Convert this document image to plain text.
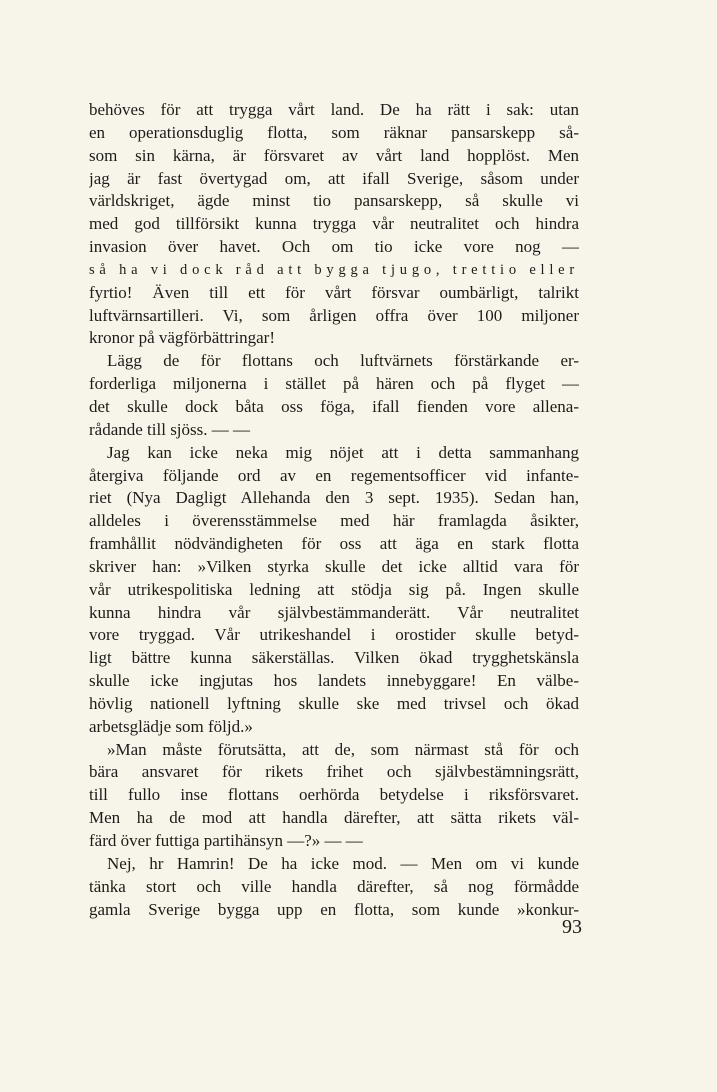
behöves för att trygga vårt land. De ha rätt i sak: utan
en operationsduglig flotta, som räknar pansarskepp så-
som sin kärna, är försvaret av vårt land hopplöst. Men
jag är fast övertygad om, att ifall Sverige, såsom under
världskriget, ägde minst tio pansarskepp, så skulle vi
med god tillförsikt kunna trygga vår neutralitet och hindra
invasion över havet. Och om tio icke vore nog —
så ha vi dock råd att bygga tjugo, trettio eller
fyrtio! Även till ett för vårt försvar oumbärligt, talrikt
luftvärnsartilleri. Vi, som årligen offra över 100 miljoner
kronor på vägförbättringar!
Lägg de för flottans och luftvärnets förstärkande er-
forderliga miljonerna i stället på hären och på flyget —
det skulle dock båta oss föga, ifall fienden vore allena-
rådande till sjöss. — —
Jag kan icke neka mig nöjet att i detta sammanhang
återgiva följande ord av en regementsofficer vid infante-
riet (Nya Dagligt Allehanda den 3 sept. 1935). Sedan han,
alldeles i överensstämmelse med här framlagda åsikter,
framhållit nödvändigheten för oss att äga en stark flotta
skriver han: »Vilken styrka skulle det icke alltid vara för
vår utrikespolitiska ledning att stödja sig på. Ingen skulle
kunna hindra vår självbestämmanderätt. Vår neutralitet
vore tryggad. Vår utrikeshandel i orostider skulle betyd-
ligt bättre kunna säkerställas. Vilken ökad trygghetskänsla
skulle icke ingjutas hos landets innebyggare! En välbe-
hövlig nationell lyftning skulle ske med trivsel och ökad
arbetsglädje som följd.»
»Man måste förutsätta, att de, som närmast stå för och
bära ansvaret för rikets frihet och självbestämningsrätt,
till fullo inse flottans oerhörda betydelse i riksförsvaret.
Men ha de mod att handla därefter, att sätta rikets väl-
färd över futtiga partihänsyn —?» — —
Nej, hr Hamrin! De ha icke mod. — Men om vi kunde
tänka stort och ville handla därefter, så nog förmådde
gamla Sverige bygga upp en flotta, som kunde »konkur-
93
